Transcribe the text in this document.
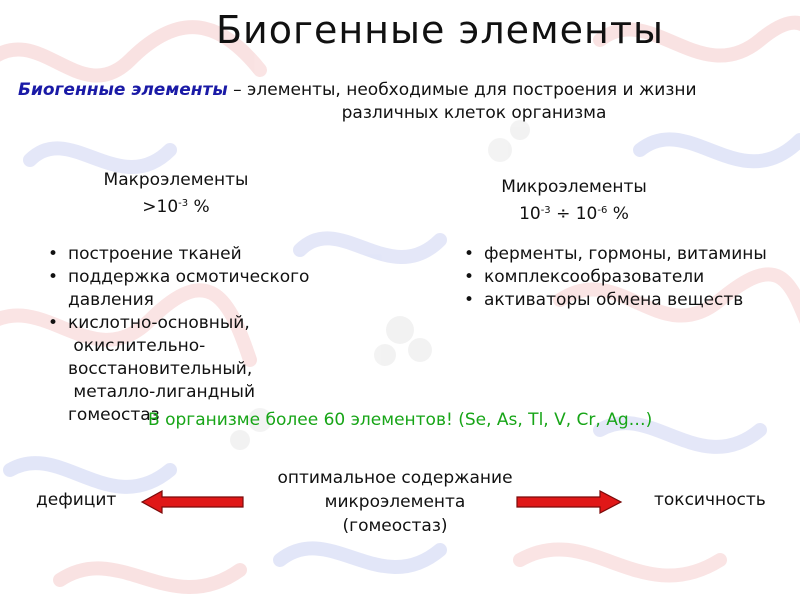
Биогенные элементы
Биогенные элементы – элементы, необходимые для построения и жизни
различных клеток организма
Макроэлементы
$>10^{-3}$ %
Микроэлементы
$10^{-3} \div 10^{-6}$ %
• построение тканей
• поддержка осмотического
давления
• кислотно-основный,
окислительно-
восстановительный,
металло-лигандный
гомеостаз
• ферменты, гормоны, витамины
• комплексообразователи
• активаторы обмена веществ
В организме более 60 элементов! (Se, As, Tl, V, Cr, Ag…)
оптимальное содержание
микроэлемента
(гомеостаз)
дефицит	токсичность
